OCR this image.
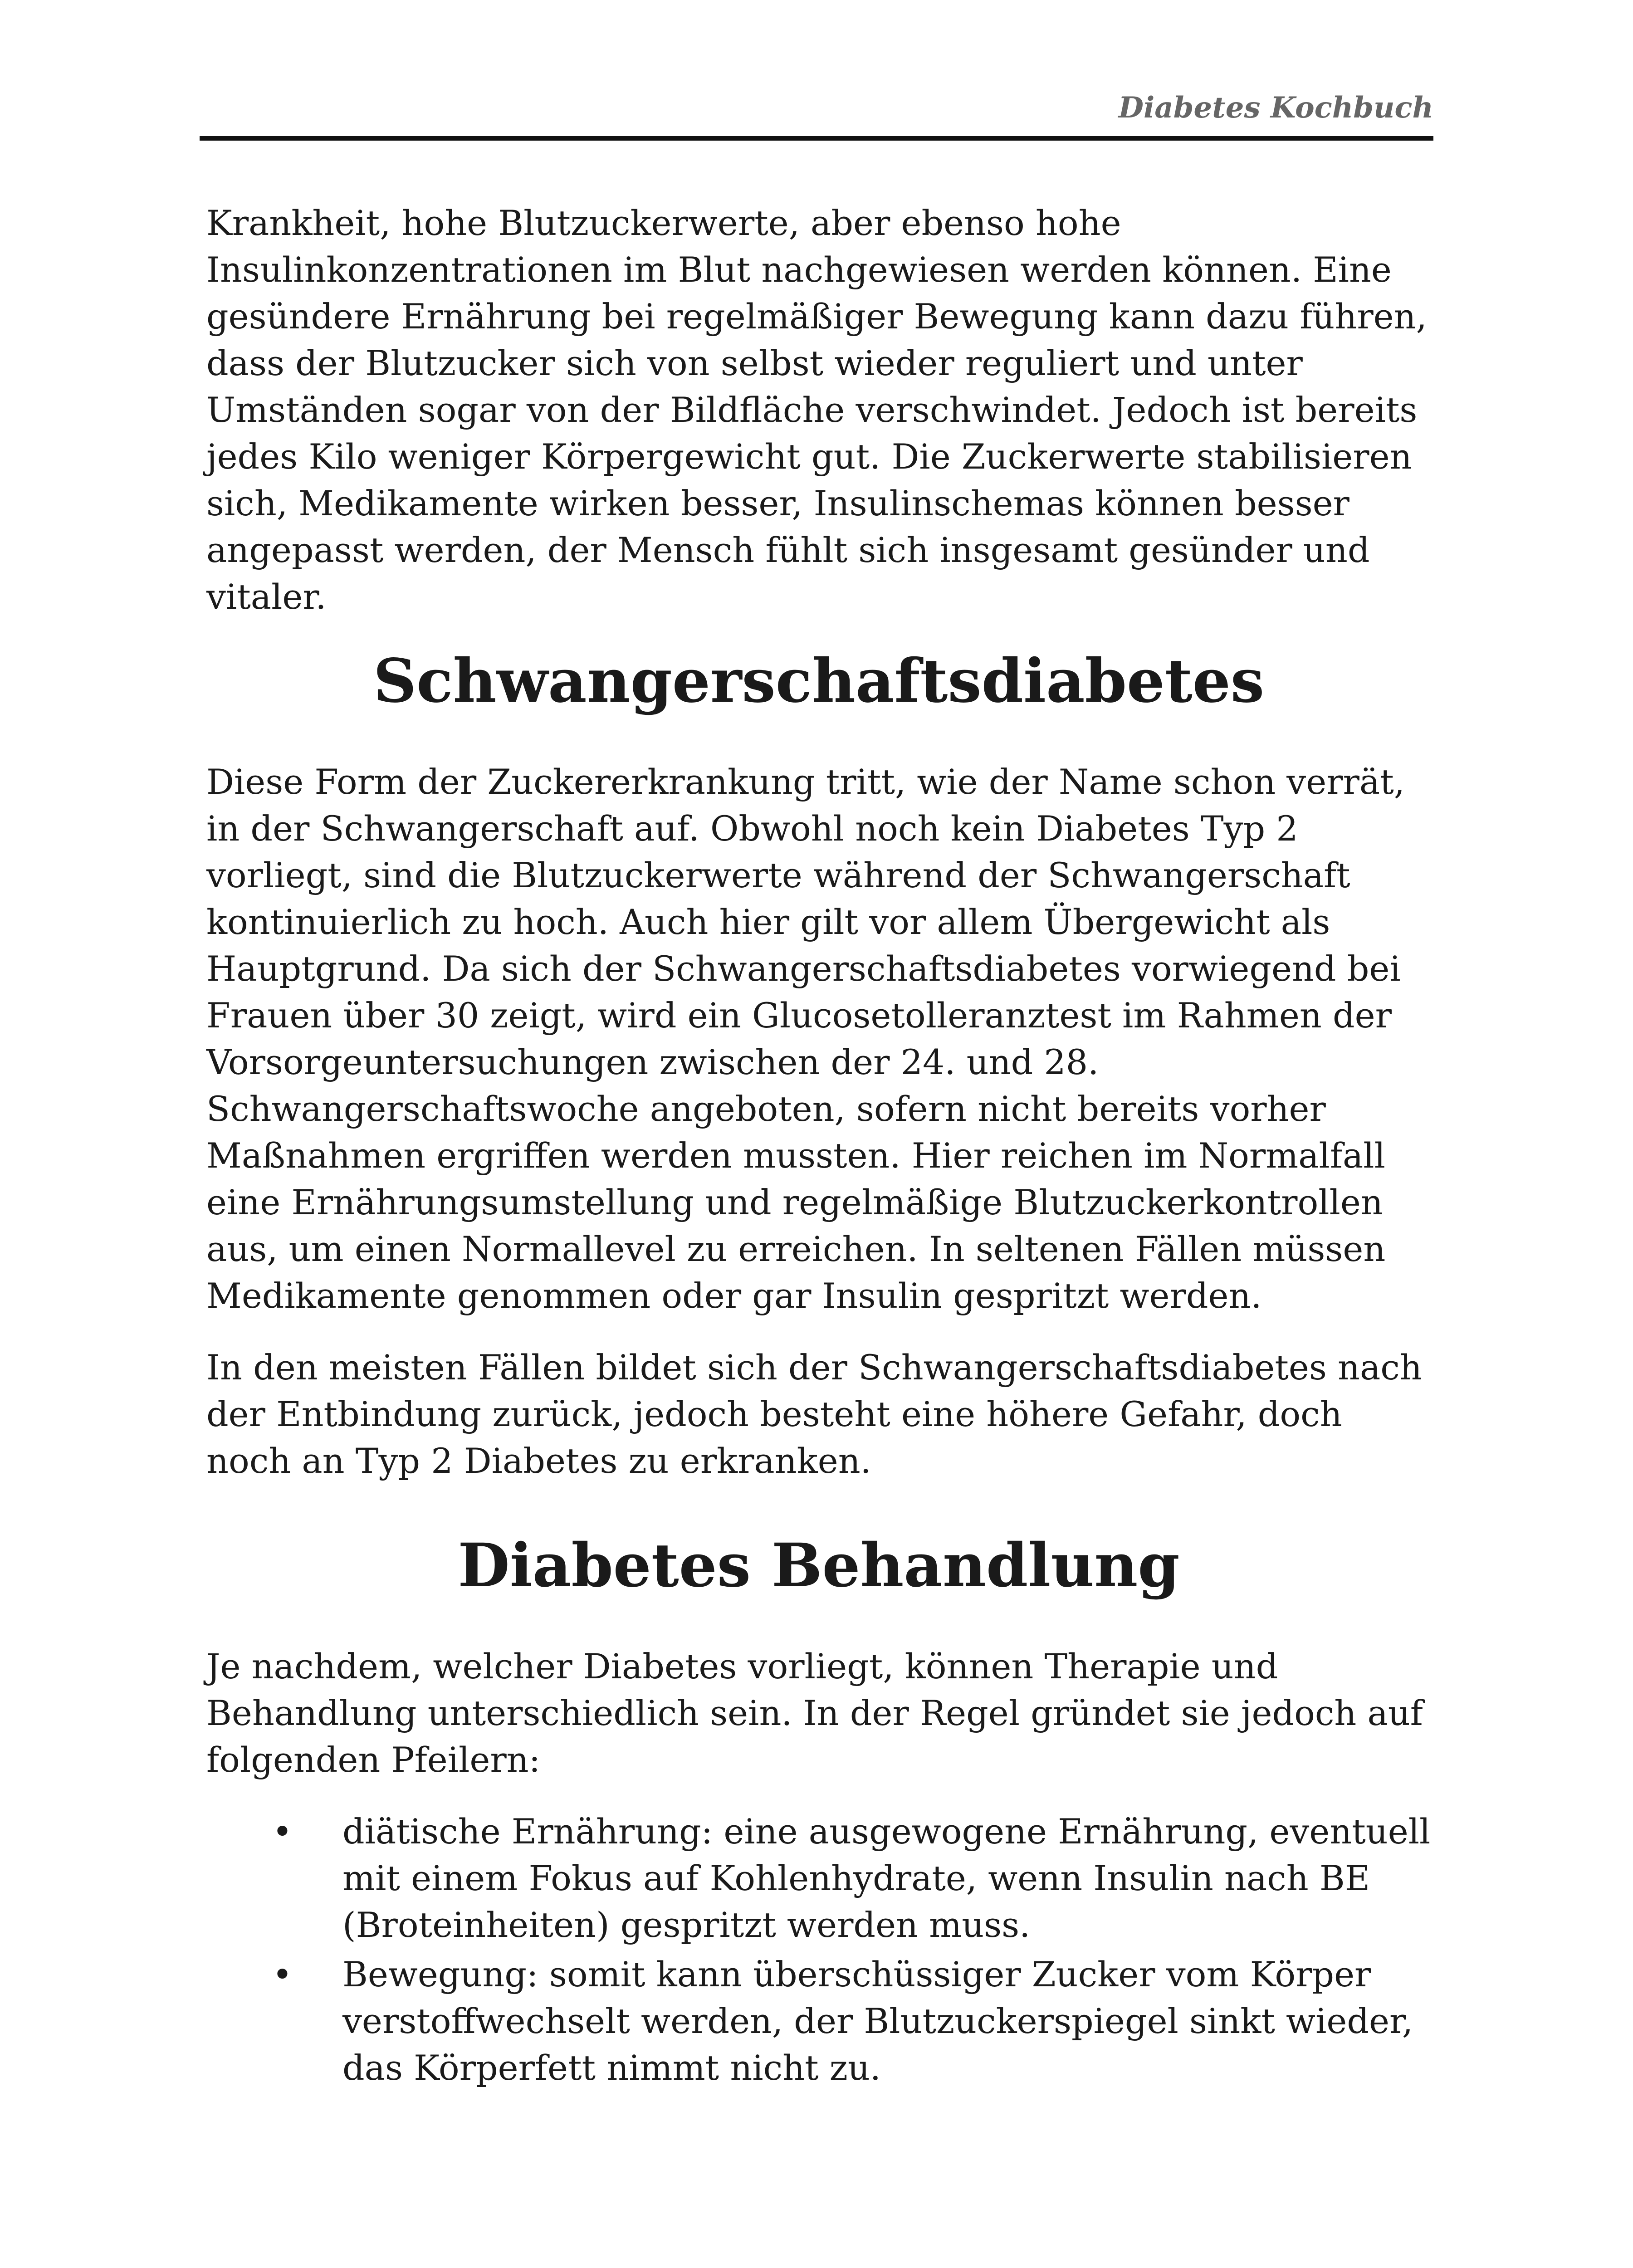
Diabetes Kochbuch

Krankheit, hohe Blutzuckerwerte, aber ebenso hohe Insulinkonzentrationen im Blut nachgewiesen werden können. Eine gesündere Ernährung bei regelmäßiger Bewegung kann dazu führen, dass der Blutzucker sich von selbst wieder reguliert und unter Umständen sogar von der Bildfläche verschwindet. Jedoch ist bereits jedes Kilo weniger Körpergewicht gut. Die Zuckerwerte stabilisieren sich, Medikamente wirken besser, Insulinschemas können besser angepasst werden, der Mensch fühlt sich insgesamt gesünder und vitaler.

Schwangerschaftsdiabetes

Diese Form der Zuckererkrankung tritt, wie der Name schon verrät, in der Schwangerschaft auf. Obwohl noch kein Diabetes Typ 2 vorliegt, sind die Blutzuckerwerte während der Schwangerschaft kontinuierlich zu hoch. Auch hier gilt vor allem Übergewicht als Hauptgrund. Da sich der Schwangerschaftsdiabetes vorwiegend bei Frauen über 30 zeigt, wird ein Glucosetolleranztest im Rahmen der Vorsorgeuntersuchungen zwischen der 24. und 28. Schwangerschaftswoche angeboten, sofern nicht bereits vorher Maßnahmen ergriffen werden mussten. Hier reichen im Normalfall eine Ernährungsumstellung und regelmäßige Blutzuckerkontrollen aus, um einen Normallevel zu erreichen. In seltenen Fällen müssen Medikamente genommen oder gar Insulin gespritzt werden.

In den meisten Fällen bildet sich der Schwangerschaftsdiabetes nach der Entbindung zurück, jedoch besteht eine höhere Gefahr, doch noch an Typ 2 Diabetes zu erkranken.

Diabetes Behandlung

Je nachdem, welcher Diabetes vorliegt, können Therapie und Behandlung unterschiedlich sein. In der Regel gründet sie jedoch auf folgenden Pfeilern:

• diätische Ernährung: eine ausgewogene Ernährung, eventuell mit einem Fokus auf Kohlenhydrate, wenn Insulin nach BE (Broteinheiten) gespritzt werden muss.
• Bewegung: somit kann überschüssiger Zucker vom Körper verstoffwechselt werden, der Blutzuckerspiegel sinkt wieder, das Körperfett nimmt nicht zu.
